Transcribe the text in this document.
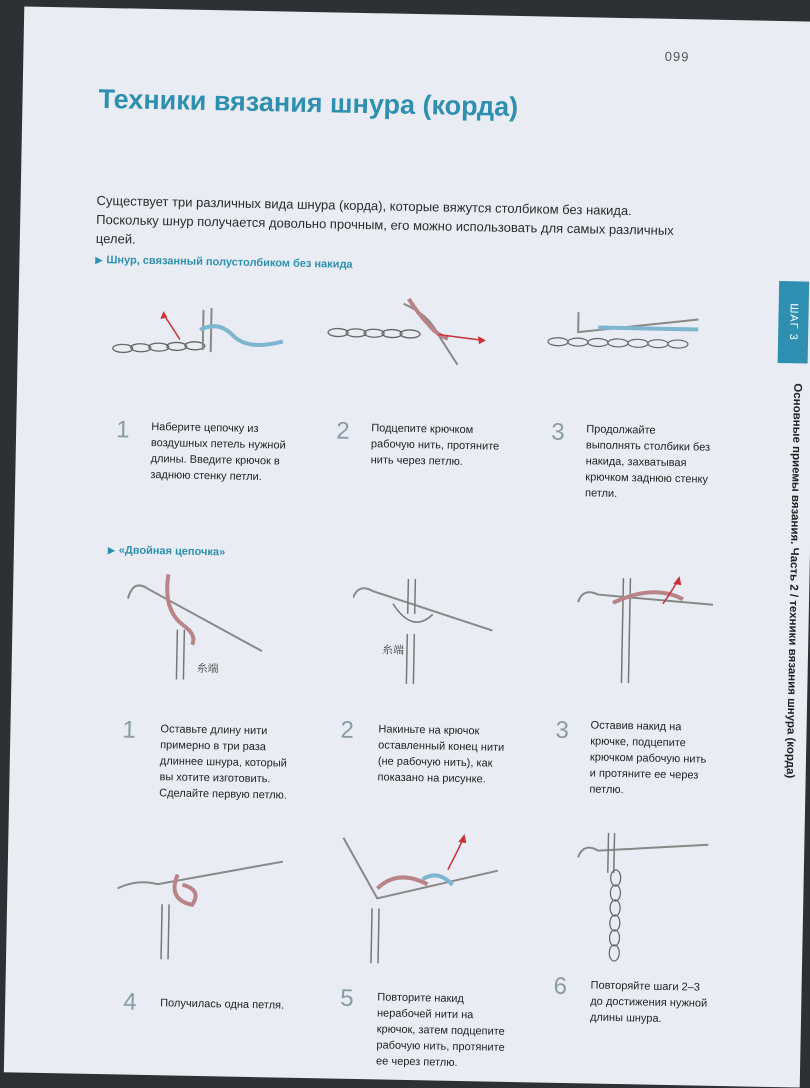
099
Техники вязания шнура (корда)

Существует три различных вида шнура (корда), которые вяжутся столбиком без накида. Поскольку шнур получается довольно прочным, его можно использовать для самых различных целей.

ШАГ 3
Основные приемы вязания. Часть 2 / техники вязания шнура (корда)
▶ Шнур, связанный полустолбиком без накида
1 Наберите цепочку из воздушных петель нужной длины. Введите крючок в заднюю стенку петли.
2 Подцепите крючком рабочую нить, протяните нить через петлю.
3 Продолжайте выполнять столбики без накида, захватывая крючком заднюю стенку петли.
▶ «Двойная цепочка»
糸端
糸端
1 Оставьте длину нити примерно в три раза длиннее шнура, который вы хотите изготовить. Сделайте первую петлю.
2 Накиньте на крючок оставленный конец нити (не рабочую нить), как показано на рисунке.
3 Оставив накид на крючке, подцепите крючком рабочую нить и протяните ее через петлю.
4 Получилась одна петля. 5 Повторите накид нерабочей нити на крючок, затем подцепите рабочую нить, протяните ее через петлю.
6 Повторяйте шаги 2–3 до достижения нужной длины шнура.
